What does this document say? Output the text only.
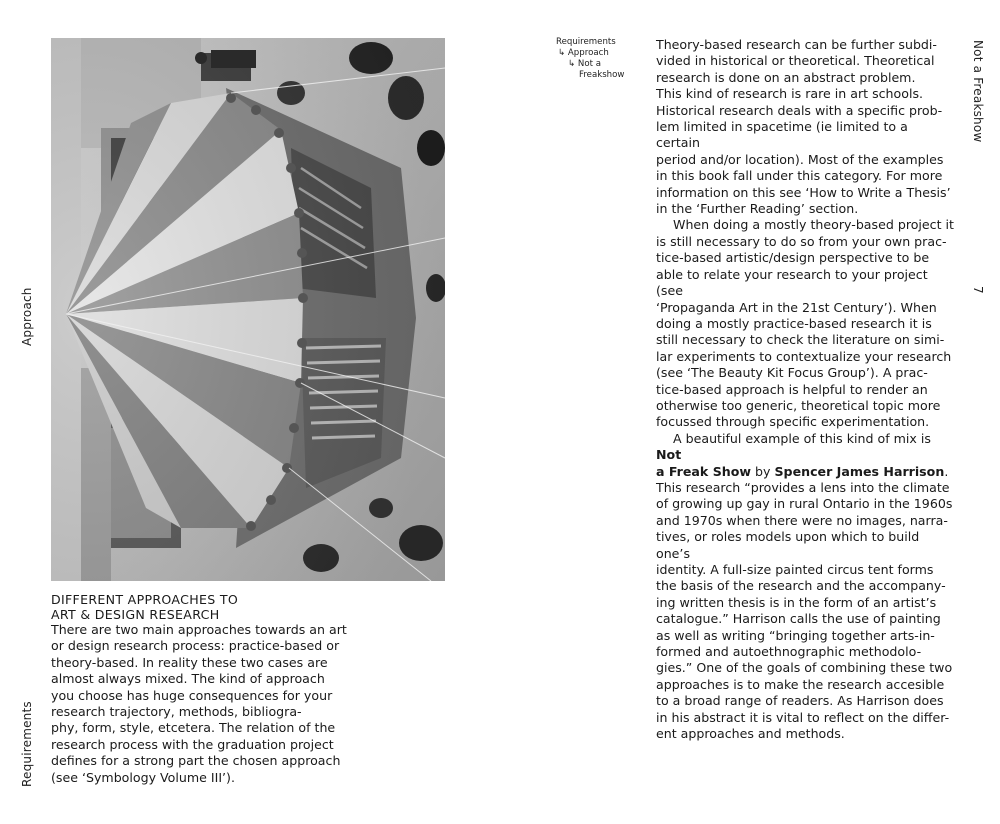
Approach
Requirements

DIFFERENT APPROACHES TO

ART & DESIGN RESEARCH

There are two main approaches towards an art

or design research process: practice-based or

theory-based. In reality these two cases are

almost always mixed. The kind of approach

you choose has huge consequences for your

research trajectory, methods, bibliogra-

phy, form, style, etcetera. The relation of the

research process with the graduation project

defines for a strong part the chosen approach

(see ‘Symbology Volume III’).

Requirements
↳ Approach
↳ Not a
Freakshow

Theory-based research can be further subdi-

vided in historical or theoretical. Theoretical

research is done on an abstract problem.

This kind of research is rare in art schools.

Historical research deals with a specific prob-

lem limited in spacetime (ie limited to a certain

period and/or location). Most of the examples

in this book fall under this category. For more

information on this see ‘How to Write a Thesis’

in the ‘Further Reading’ section.

When doing a mostly theory-based project it

is still necessary to do so from your own prac-

tice-based artistic/design perspective to be

able to relate your research to your project (see

‘Propaganda Art in the 21st Century’). When

doing a mostly practice-based research it is

still necessary to check the literature on simi-

lar experiments to contextualize your research

(see ‘The Beauty Kit Focus Group’). A prac-

tice-based approach is helpful to render an

otherwise too generic, theoretical topic more

focussed through specific experimentation.

A beautiful example of this kind of mix is Not

a Freak Show by Spencer James Harrison.

This research “provides a lens into the climate

of growing up gay in rural Ontario in the 1960s

and 1970s when there were no images, narra-

tives, or roles models upon which to build one’s

identity. A full-size painted circus tent forms

the basis of the research and the accompany-

ing written thesis is in the form of an artist’s

catalogue.” Harrison calls the use of painting

as well as writing “bringing together arts-in-

formed and autoethnographic methodolo-

gies.” One of the goals of combining these two

approaches is to make the research accesible

to a broad range of readers. As Harrison does

in his abstract it is vital to reflect on the differ-

ent approaches and methods.

Not a Freakshow
7
